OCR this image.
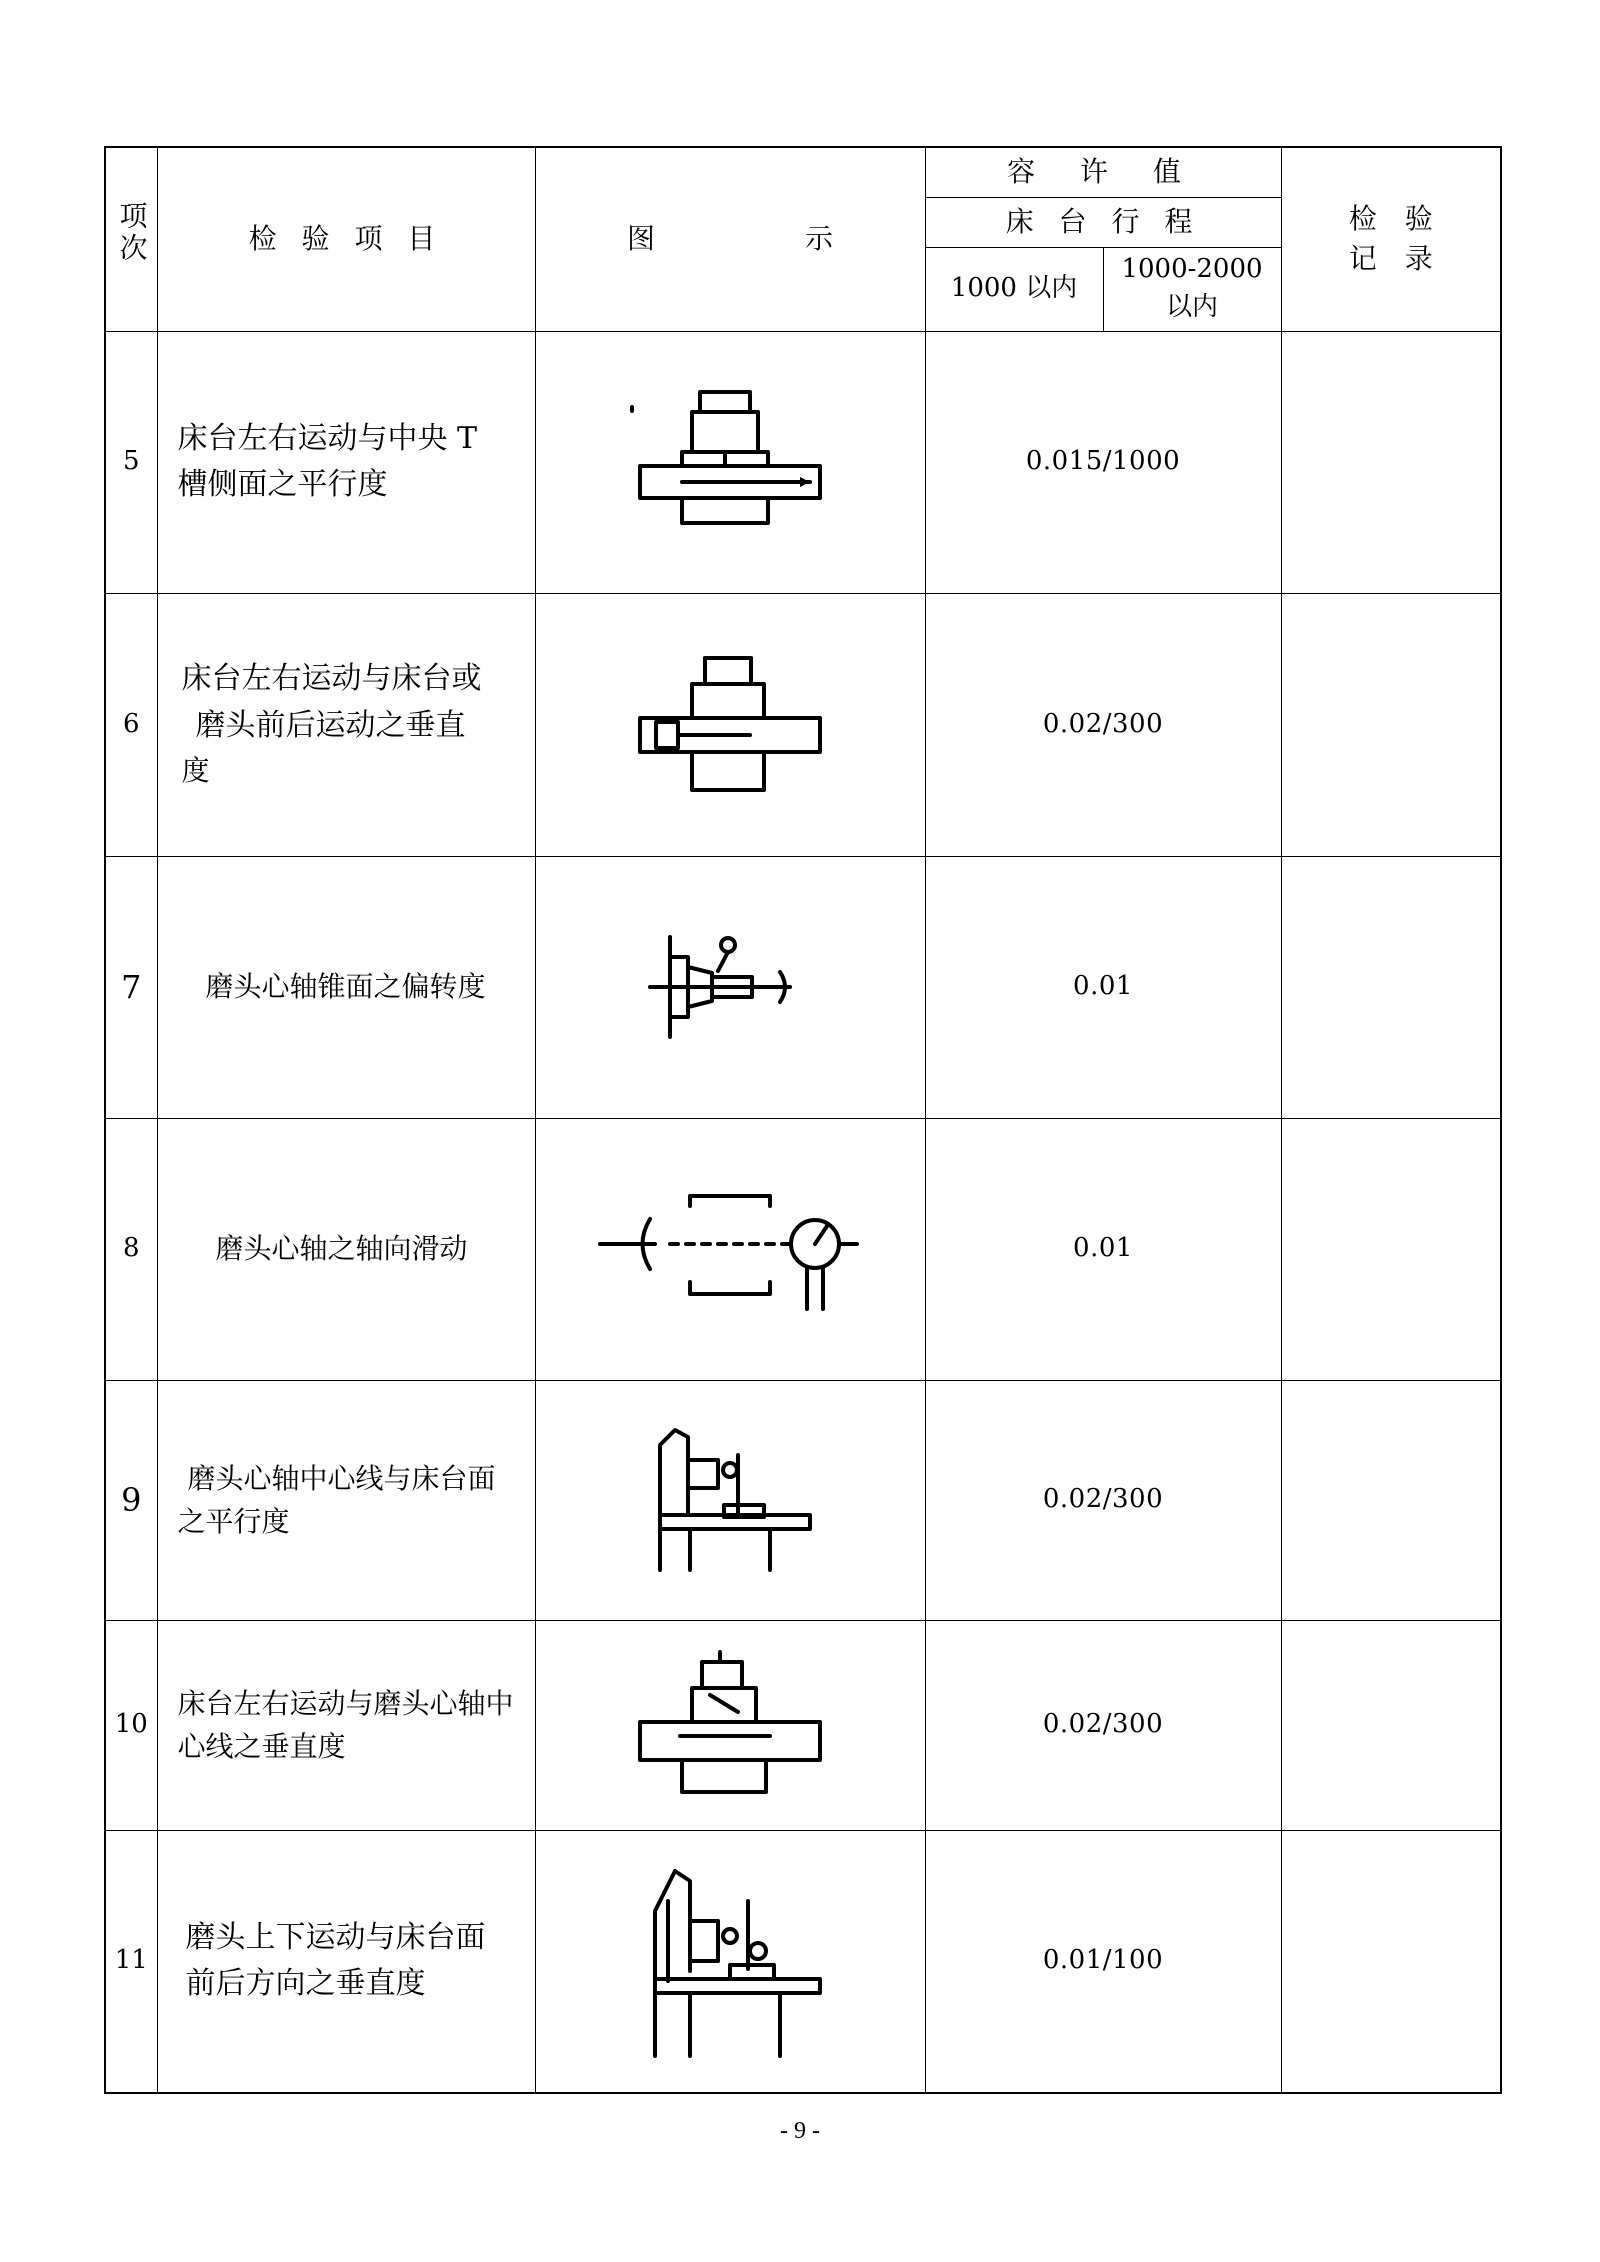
项次	检 验 项 目	图 示	容 许 值		检　验
记　录

			床 台 行 程		
			1000 以内	1000-2000
以内	

5	床台左右运动与中央 T
槽侧面之平行度		0.015/1000		
6	床台左右运动与床台或
磨头前后运动之垂直
度		0.02/300		
7	磨头心轴锥面之偏转度		0.01		
8	磨头心轴之轴向滑动		0.01		
9	磨头心轴中心线与床台面
之平行度		0.02/300		
10	床台左右运动与磨头心轴中
心线之垂直度		0.02/300		
11	磨头上下运动与床台面
前后方向之垂直度		0.01/100		
- 9 -
